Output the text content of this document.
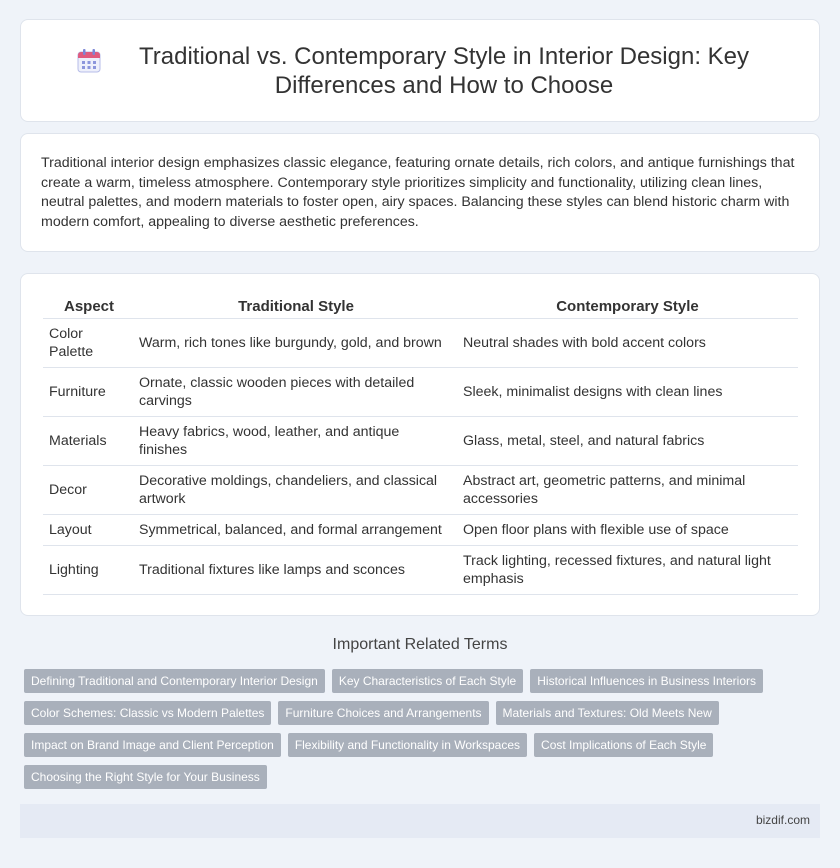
Traditional vs. Contemporary Style in Interior Design: Key Differences and How to Choose

Traditional interior design emphasizes classic elegance, featuring ornate details, rich colors, and antique furnishings that create a warm, timeless atmosphere. Contemporary style prioritizes simplicity and functionality, utilizing clean lines, neutral palettes, and modern materials to foster open, airy spaces. Balancing these styles can blend historic charm with modern comfort, appealing to diverse aesthetic preferences.

Aspect	Traditional Style	Contemporary Style
Color Palette	Warm, rich tones like burgundy, gold, and brown	Neutral shades with bold accent colors
Furniture	Ornate, classic wooden pieces with detailed carvings	Sleek, minimalist designs with clean lines
Materials	Heavy fabrics, wood, leather, and antique finishes	Glass, metal, steel, and natural fabrics
Decor	Decorative moldings, chandeliers, and classical artwork	Abstract art, geometric patterns, and minimal accessories
Layout	Symmetrical, balanced, and formal arrangement	Open floor plans with flexible use of space
Lighting	Traditional fixtures like lamps and sconces	Track lighting, recessed fixtures, and natural light emphasis
Important Related Terms
Defining Traditional and Contemporary Interior Design	Key Characteristics of Each Style	Historical Influences in Business Interiors
Color Schemes: Classic vs Modern Palettes	Furniture Choices and Arrangements	Materials and Textures: Old Meets New
Impact on Brand Image and Client Perception	Flexibility and Functionality in Workspaces	Cost Implications of Each Style
Choosing the Right Style for Your Business
bizdif.com
